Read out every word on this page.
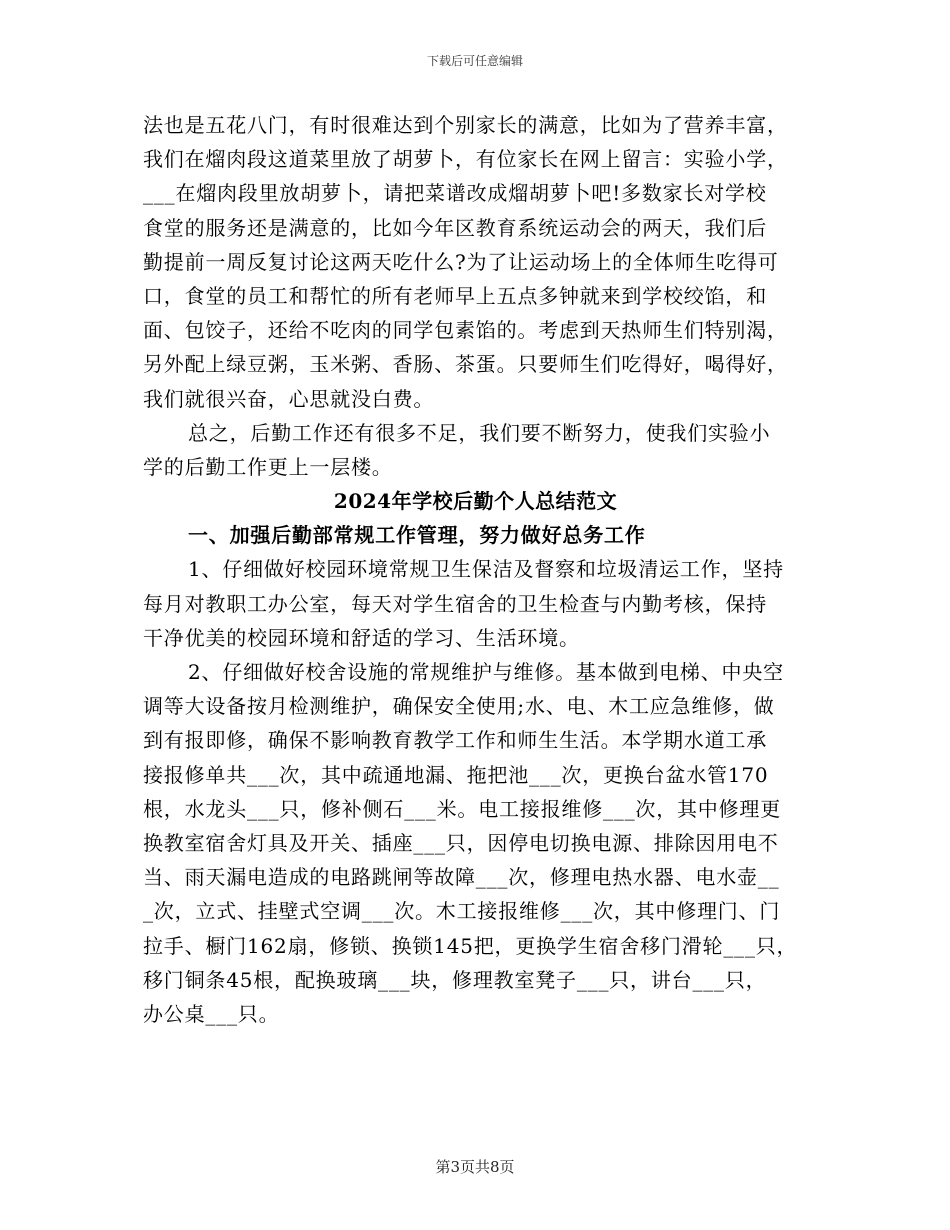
下载后可任意编辑
法也是五花八门，有时很难达到个别家长的满意，比如为了营养丰富，
我们在熘肉段这道菜里放了胡萝卜，有位家长在网上留言：实验小学，
___在熘肉段里放胡萝卜，请把菜谱改成熘胡萝卜吧!多数家长对学校
食堂的服务还是满意的，比如今年区教育系统运动会的两天，我们后
勤提前一周反复讨论这两天吃什么?为了让运动场上的全体师生吃得可
口，食堂的员工和帮忙的所有老师早上五点多钟就来到学校绞馅，和
面、包饺子，还给不吃肉的同学包素馅的。考虑到天热师生们特别渴，
另外配上绿豆粥，玉米粥、香肠、茶蛋。只要师生们吃得好，喝得好，
我们就很兴奋，心思就没白费。
总之，后勤工作还有很多不足，我们要不断努力，使我们实验小
学的后勤工作更上一层楼。
2024年学校后勤个人总结范文
一、加强后勤部常规工作管理，努力做好总务工作
1、仔细做好校园环境常规卫生保洁及督察和垃圾清运工作，坚持
每月对教职工办公室，每天对学生宿舍的卫生检查与内勤考核，保持
干净优美的校园环境和舒适的学习、生活环境。
2、仔细做好校舍设施的常规维护与维修。基本做到电梯、中央空
调等大设备按月检测维护，确保安全使用;水、电、木工应急维修，做
到有报即修，确保不影响教育教学工作和师生生活。本学期水道工承
接报修单共___次，其中疏通地漏、拖把池___次，更换台盆水管170
根，水龙头___只，修补侧石___米。电工接报维修___次，其中修理更
换教室宿舍灯具及开关、插座___只，因停电切换电源、排除因用电不
当、雨天漏电造成的电路跳闸等故障___次，修理电热水器、电水壶__
_次，立式、挂壁式空调___次。木工接报维修___次，其中修理门、门
拉手、橱门162扇，修锁、换锁145把，更换学生宿舍移门滑轮___只，
移门铜条45根，配换玻璃___块，修理教室凳子___只，讲台___只，
办公桌___只。
第3页共8页
